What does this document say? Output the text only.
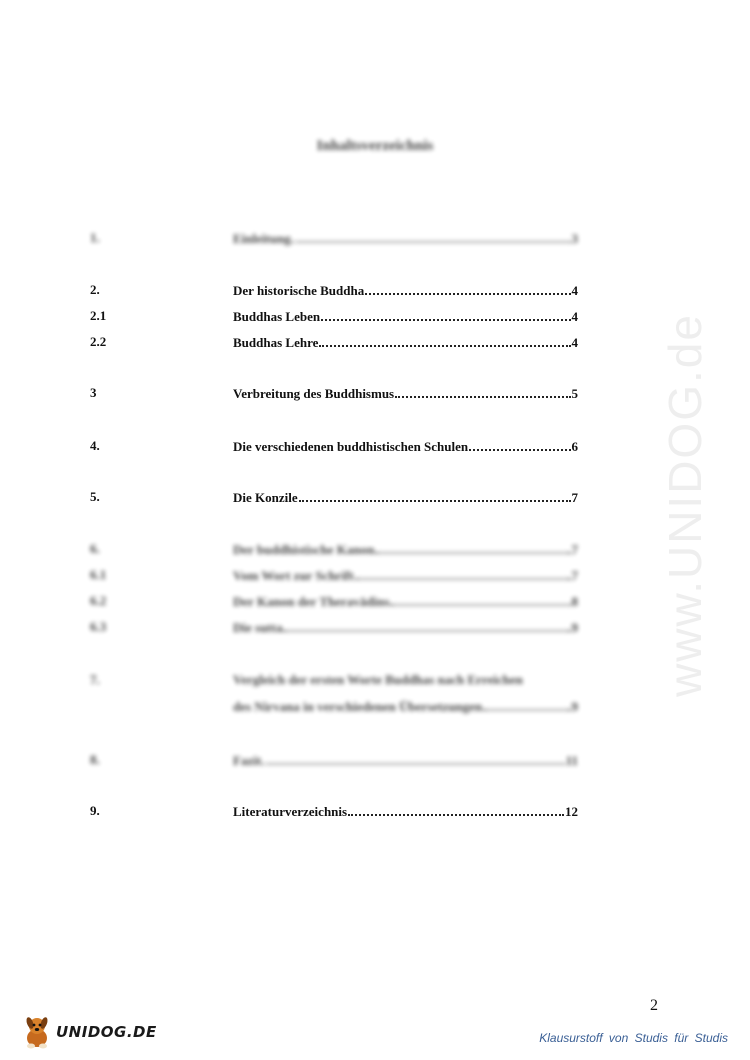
www.UNIDOG.de
Inhaltsverzeichnis
1.	Einleitung	3
2.	Der historische Buddha	4
2.1	Buddhas Leben	4
2.2	Buddhas Lehre	4
3	Verbreitung des Buddhismus	5
4.	Die verschiedenen buddhistischen Schulen	6
5.	Die Konzile	7
6.	Der buddhistische Kanon	7
6.1	Vom Wort zur Schrift	7
6.2	Der Kanon der Theravādins	8
6.3	Die sutta	9
7.	Vergleich der ersten Worte Buddhas nach Erreichen
des Nirvana in verschiedenen Übersetzungen	9
8.	Fazit	11
9.	Literaturverzeichnis	12
2
UNIDOG.DE	Klausurstoff von Studis für Studis
